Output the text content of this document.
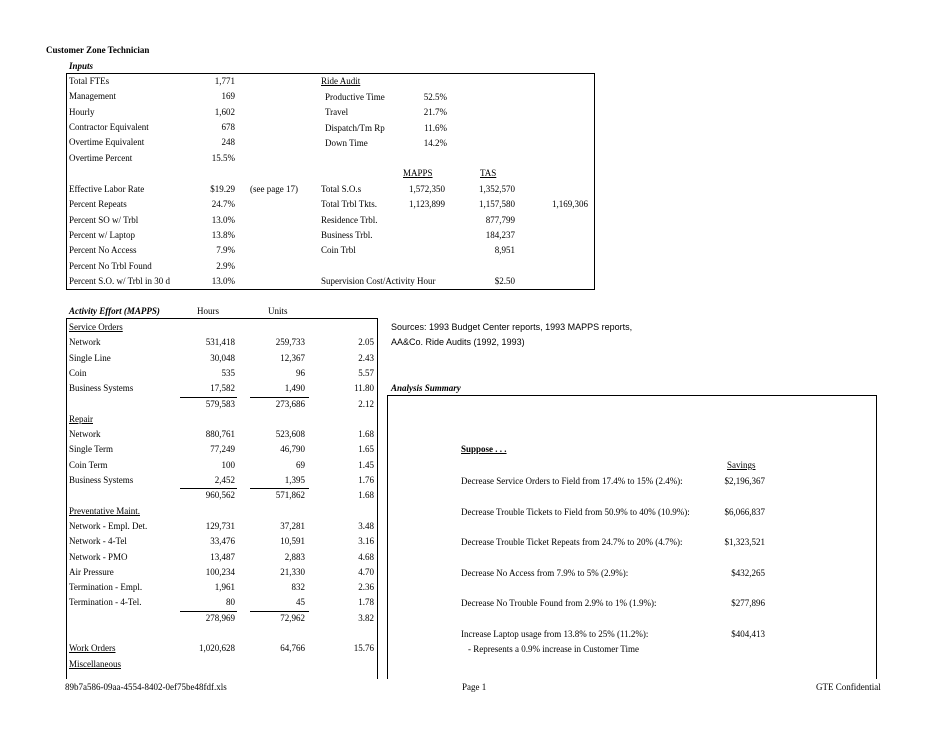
Customer Zone Technician
Inputs
Total FTEs	1,771
Management	169
Hourly	1,602
Contractor Equivalent	678
Overtime Equivalent	248
Overtime Percent	15.5%
Effective Labor Rate	$19.29 (see page 17)
Percent Repeats	24.7%
Percent SO w/ Trbl	13.0%
Percent w/ Laptop	13.8%
Percent No Access	7.9%
Percent No Trbl Found	2.9%
Percent S.O. w/ Trbl in 30 d	13.0%
Ride Audit
Productive Time	52.5%
Travel	21.7%
Dispatch/Tm Rp	11.6%
Down Time	14.2%
MAPPS	TAS
Total S.O.s	1,572,350	1,352,570
Total Trbl Tkts.	1,123,899	1,157,580	1,169,306
Residence Trbl.	877,799
Business Trbl.	184,237
Coin Trbl	8,951
Supervision Cost/Activity Hour	$2.50
Activity Effort (MAPPS)	Hours	Units
Service Orders
Network	531,418	259,733	2.05
Single Line	30,048	12,367	2.43
Coin	535	96	5.57
Business Systems	17,582	1,490	11.80
579,583	273,686	2.12
Repair
Network	880,761	523,608	1.68
Single Term	77,249	46,790	1.65
Coin Term	100	69	1.45
Business Systems	2,452	1,395	1.76
960,562	571,862	1.68
Preventative Maint.
Network - Empl. Det.	129,731	37,281	3.48
Network - 4-Tel	33,476	10,591	3.16
Network - PMO	13,487	2,883	4.68
Air Pressure	100,234	21,330	4.70
Termination - Empl.	1,961	832	2.36
Termination - 4-Tel.	80	45	1.78
278,969	72,962	3.82
Work Orders	1,020,628	64,766	15.76
Miscellaneous
Sources: 1993 Budget Center reports, 1993 MAPPS reports,
AA&Co. Ride Audits (1992, 1993)
Analysis Summary
Suppose . . .
Savings
Decrease Service Orders to Field from 17.4% to 15% (2.4%):	$2,196,367
Decrease Trouble Tickets to Field from 50.9% to 40% (10.9%):	$6,066,837
Decrease Trouble Ticket Repeats from 24.7% to 20% (4.7%):	$1,323,521
Decrease No Access from 7.9% to 5% (2.9%):	$432,265
Decrease No Trouble Found from 2.9% to 1% (1.9%):	$277,896
Increase Laptop usage from 13.8% to 25% (11.2%):	$404,413
- Represents a 0.9% increase in Customer Time
89b7a586-09aa-4554-8402-0ef75be48fdf.xls	Page 1	GTE Confidential
